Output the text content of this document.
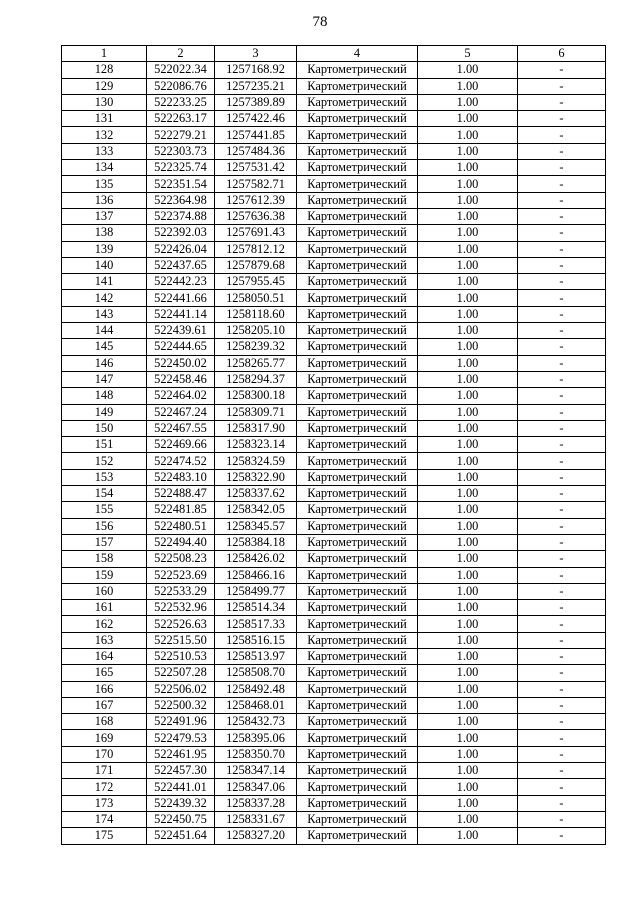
78
1	2	3	4	5	6
128	522022.34	1257168.92	Картометрический	1.00	-
129	522086.76	1257235.21	Картометрический	1.00	-
130	522233.25	1257389.89	Картометрический	1.00	-
131	522263.17	1257422.46	Картометрический	1.00	-
132	522279.21	1257441.85	Картометрический	1.00	-
133	522303.73	1257484.36	Картометрический	1.00	-
134	522325.74	1257531.42	Картометрический	1.00	-
135	522351.54	1257582.71	Картометрический	1.00	-
136	522364.98	1257612.39	Картометрический	1.00	-
137	522374.88	1257636.38	Картометрический	1.00	-
138	522392.03	1257691.43	Картометрический	1.00	-
139	522426.04	1257812.12	Картометрический	1.00	-
140	522437.65	1257879.68	Картометрический	1.00	-
141	522442.23	1257955.45	Картометрический	1.00	-
142	522441.66	1258050.51	Картометрический	1.00	-
143	522441.14	1258118.60	Картометрический	1.00	-
144	522439.61	1258205.10	Картометрический	1.00	-
145	522444.65	1258239.32	Картометрический	1.00	-
146	522450.02	1258265.77	Картометрический	1.00	-
147	522458.46	1258294.37	Картометрический	1.00	-
148	522464.02	1258300.18	Картометрический	1.00	-
149	522467.24	1258309.71	Картометрический	1.00	-
150	522467.55	1258317.90	Картометрический	1.00	-
151	522469.66	1258323.14	Картометрический	1.00	-
152	522474.52	1258324.59	Картометрический	1.00	-
153	522483.10	1258322.90	Картометрический	1.00	-
154	522488.47	1258337.62	Картометрический	1.00	-
155	522481.85	1258342.05	Картометрический	1.00	-
156	522480.51	1258345.57	Картометрический	1.00	-
157	522494.40	1258384.18	Картометрический	1.00	-
158	522508.23	1258426.02	Картометрический	1.00	-
159	522523.69	1258466.16	Картометрический	1.00	-
160	522533.29	1258499.77	Картометрический	1.00	-
161	522532.96	1258514.34	Картометрический	1.00	-
162	522526.63	1258517.33	Картометрический	1.00	-
163	522515.50	1258516.15	Картометрический	1.00	-
164	522510.53	1258513.97	Картометрический	1.00	-
165	522507.28	1258508.70	Картометрический	1.00	-
166	522506.02	1258492.48	Картометрический	1.00	-
167	522500.32	1258468.01	Картометрический	1.00	-
168	522491.96	1258432.73	Картометрический	1.00	-
169	522479.53	1258395.06	Картометрический	1.00	-
170	522461.95	1258350.70	Картометрический	1.00	-
171	522457.30	1258347.14	Картометрический	1.00	-
172	522441.01	1258347.06	Картометрический	1.00	-
173	522439.32	1258337.28	Картометрический	1.00	-
174	522450.75	1258331.67	Картометрический	1.00	-
175	522451.64	1258327.20	Картометрический	1.00	-
